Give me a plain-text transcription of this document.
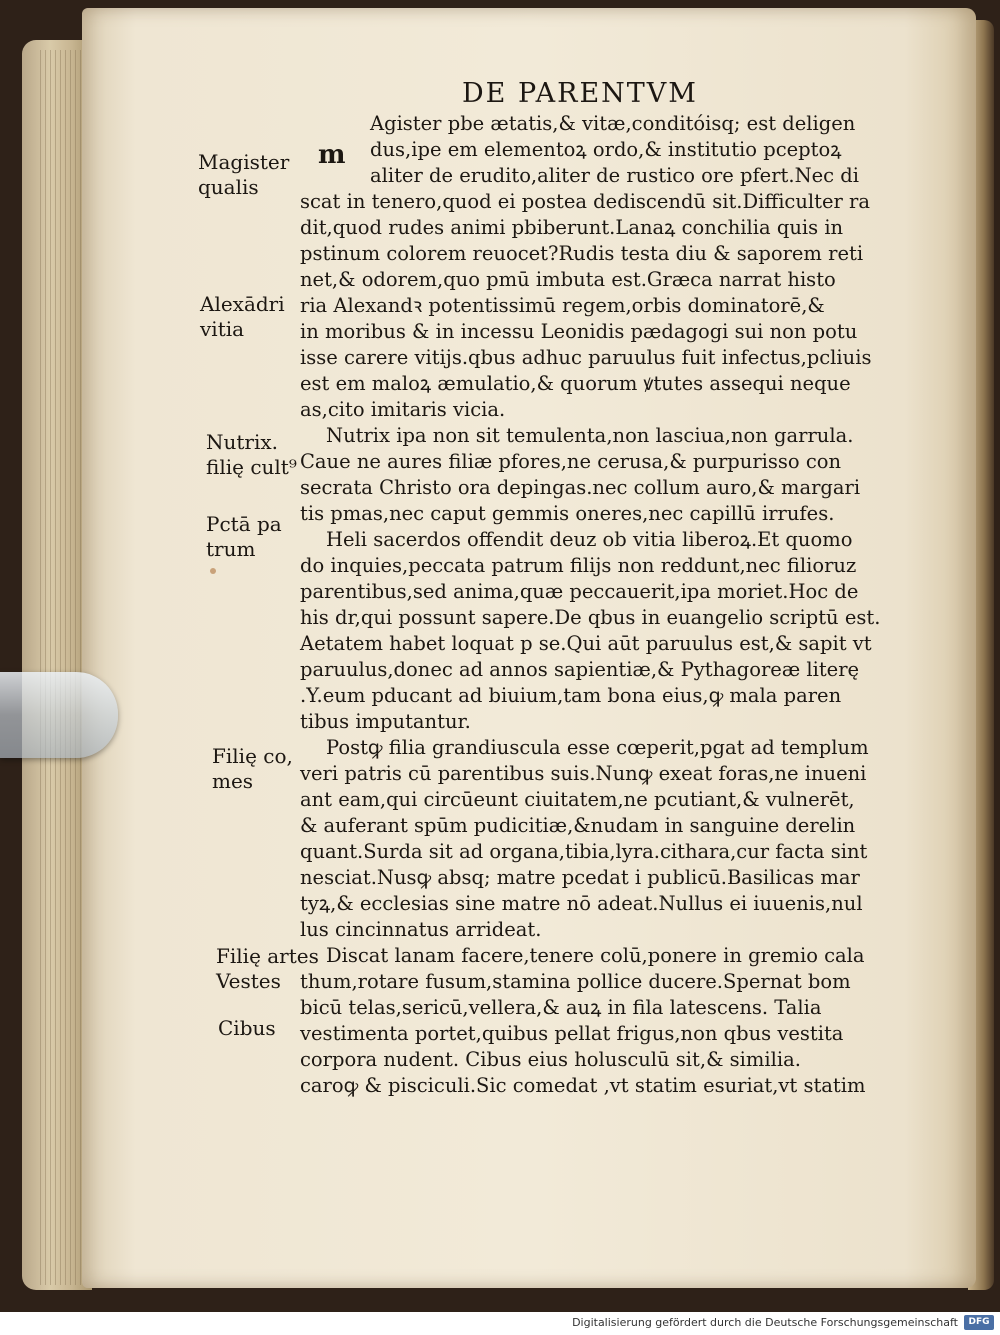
DE PARENTVM
m
Agister pbe ætatis,& vitæ,conditóisq; est deligen
dus,ipe em elementoꝝ ordo,& institutio pceptoꝝ
aliter de erudito,aliter de rustico ore pfert.Nec di
scat in tenero,quod ei postea dediscendū sit.Difficulter ra
dit,quod rudes animi pbiberunt.Lanaꝝ conchilia quis in
pstinum colorem reuocet?Rudis testa diu & saporem reti
net,& odorem,quo pmū imbuta est.Græca narrat histo
ria Alexandꝛ potentissimū regem,orbis dominatorē,&
in moribus & in incessu Leonidis pædagogi sui non potu
isse carere vitijs.qbus adhuc paruulus fuit infectus,pcliuis
est em maloꝝ æmulatio,& quorum ꝟtutes assequi neque
as,cito imitaris vicia.
Nutrix ipa non sit temulenta,non lasciua,non garrula.
Caue ne aures filiæ pfores,ne cerusa,& purpurisso con
secrata Christo ora depingas.nec collum auro,& margari
tis pmas,nec caput gemmis oneres,nec capillū irrufes.
Heli sacerdos offendit deuz ob vitia liberoꝝ.Et quomo
do inquies,peccata patrum filijs non reddunt,nec filioruz
parentibus,sed anima,quæ peccauerit,ipa moriet.Hoc de
his dr,qui possunt sapere.De qbus in euangelio scriptū est.
Aetatem habet loquat p se.Qui aūt paruulus est,& sapit vt
paruulus,donec ad annos sapientiæ,& Pythagoreæ literę
.Y.eum pducant ad biuium,tam bona eius,ꝙ mala paren
tibus imputantur.
Postꝙ filia grandiuscula esse cœperit,pgat ad templum
veri patris cū parentibus suis.Nunꝙ exeat foras,ne inueni
ant eam,qui circūeunt ciuitatem,ne pcutiant,& vulnerēt,
& auferant spūm pudicitiæ,&nudam in sanguine derelin
quant.Surda sit ad organa,tibia,lyra.cithara,cur facta sint
nesciat.Nusꝙ absq; matre pcedat i publicū.Basilicas mar
tyꝝ,& ecclesias sine matre nō adeat.Nullus ei iuuenis,nul
lus cincinnatus arrideat.
Discat lanam facere,tenere colū,ponere in gremio cala
thum,rotare fusum,stamina pollice ducere.Spernat bom
bicū telas,sericū,vellera,& auꝝ in fila latescens. Talia
vestimenta portet,quibus pellat frigus,non qbus vestita
corpora nudent. Cibus eius holusculū sit,& similia.
caroꝙ & pisciculi.Sic comedat ,vt statim esuriat,vt statim
Magister
qualis
Alexādri
vitia
Nutrix.
filię cult⁹
Pctā pa
trum
Filię co,
mes
Filię artes
Vestes
Cibus
Digitalisierung gefördert durch die Deutsche Forschungsgemeinschaft	DFG
